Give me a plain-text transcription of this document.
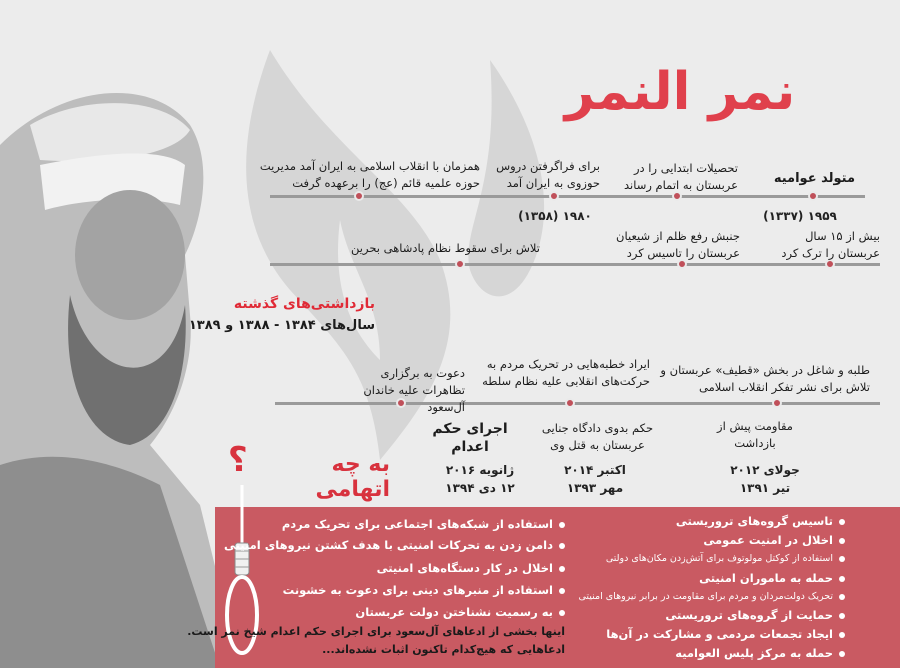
نمر النمر
متولد عوامیه
۱۹۵۹ (۱۳۳۷)
تحصیلات ابتدایی را در عربستان به اتمام رساند
برای فراگرفتن دروس حوزوی به ایران آمد
۱۹۸۰ (۱۳۵۸)
همزمان با انقلاب اسلامی به ایران آمد مدیریت حوزه علمیه قائم (عج) را برعهده گرفت
بیش از ۱۵ سال عربستان را ترک کرد
جنبش رفع ظلم از شیعیان عربستان را تاسیس کرد
تلاش برای سقوط نظام پادشاهی بحرین
بازداشتی‌های گذشته
سال‌های ۱۳۸۴ - ۱۳۸۸ و ۱۳۸۹
طلبه و شاغل در بخش «قطیف» عربستان و تلاش برای نشر تفکر انقلاب اسلامی
ایراد خطبه‌هایی در تحریک مردم به حرکت‌های انقلابی علیه نظام سلطه
دعوت به برگزاری تظاهرات علیه خاندان آل‌سعود
مقاومت پیش از بازداشت
جولای ۲۰۱۲
تیر ۱۳۹۱
حکم بدوی دادگاه جنایی عربستان به قتل وی
اکتبر ۲۰۱۴
مهر ۱۳۹۳
اجرای حکم اعدام
ژانویه ۲۰۱۶
۱۲ دی ۱۳۹۴
به چه اتهامی
?
تاسیس گروه‌های تروریستی
اخلال در امنیت عمومی
استفاده از کوکتل مولوتوف برای آتش‌زدن مکان‌های دولتی
حمله به ماموران امنیتی
تحریک دولت‌مردان و مردم برای مقاومت در برابر نیروهای امنیتی
حمایت از گروه‌های تروریستی
ایجاد تجمعات مردمی و مشارکت در آن‌ها
حمله به مرکز پلیس العوامیه
استفاده از شبکه‌های اجتماعی برای تحریک مردم
دامن زدن به تحرکات امنیتی با هدف کشتن نیروهای امنیتی
اخلال در کار دستگاه‌های امنیتی
استفاده از منبرهای دینی برای دعوت به خشونت
به رسمیت نشناختن دولت عربستان
اینها بخشی از ادعاهای آل‌سعود برای اجرای حکم اعدام شیخ نمر است.
ادعاهایی که هیچ‌کدام تاکنون اثبات نشده‌اند...
